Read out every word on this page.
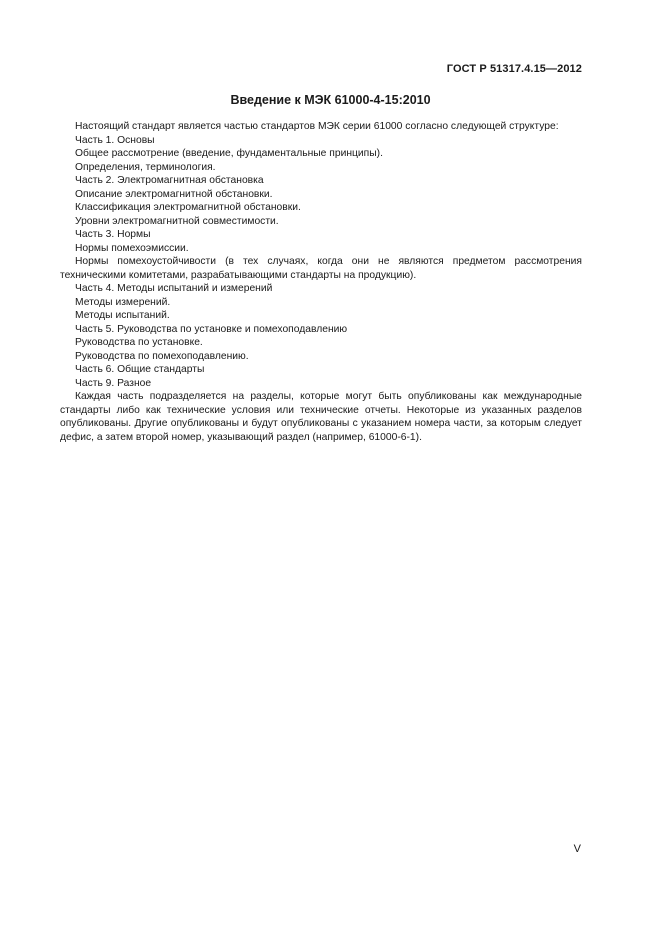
ГОСТ Р 51317.4.15—2012
Введение к МЭК 61000-4-15:2010

Настоящий стандарт является частью стандартов МЭК серии 61000 согласно следующей структуре:

Часть 1. Основы

Общее рассмотрение (введение, фундаментальные принципы).

Определения, терминология.

Часть 2. Электромагнитная обстановка

Описание электромагнитной обстановки.

Классификация электромагнитной обстановки.

Уровни электромагнитной совместимости.

Часть 3. Нормы

Нормы помехоэмиссии.

Нормы помехоустойчивости (в тех случаях, когда они не являются предметом рассмотрения техническими комитетами, разрабатывающими стандарты на продукцию).

Часть 4. Методы испытаний и измерений

Методы измерений.

Методы испытаний.

Часть 5. Руководства по установке и помехоподавлению

Руководства по установке.

Руководства по помехоподавлению.

Часть 6. Общие стандарты

Часть 9. Разное

Каждая часть подразделяется на разделы, которые могут быть опубликованы как международные стандарты либо как технические условия или технические отчеты. Некоторые из указанных разделов опубликованы. Другие опубликованы и будут опубликованы с указанием номера части, за которым следует дефис, а затем второй номер, указывающий раздел (например, 61000-6-1).

V
